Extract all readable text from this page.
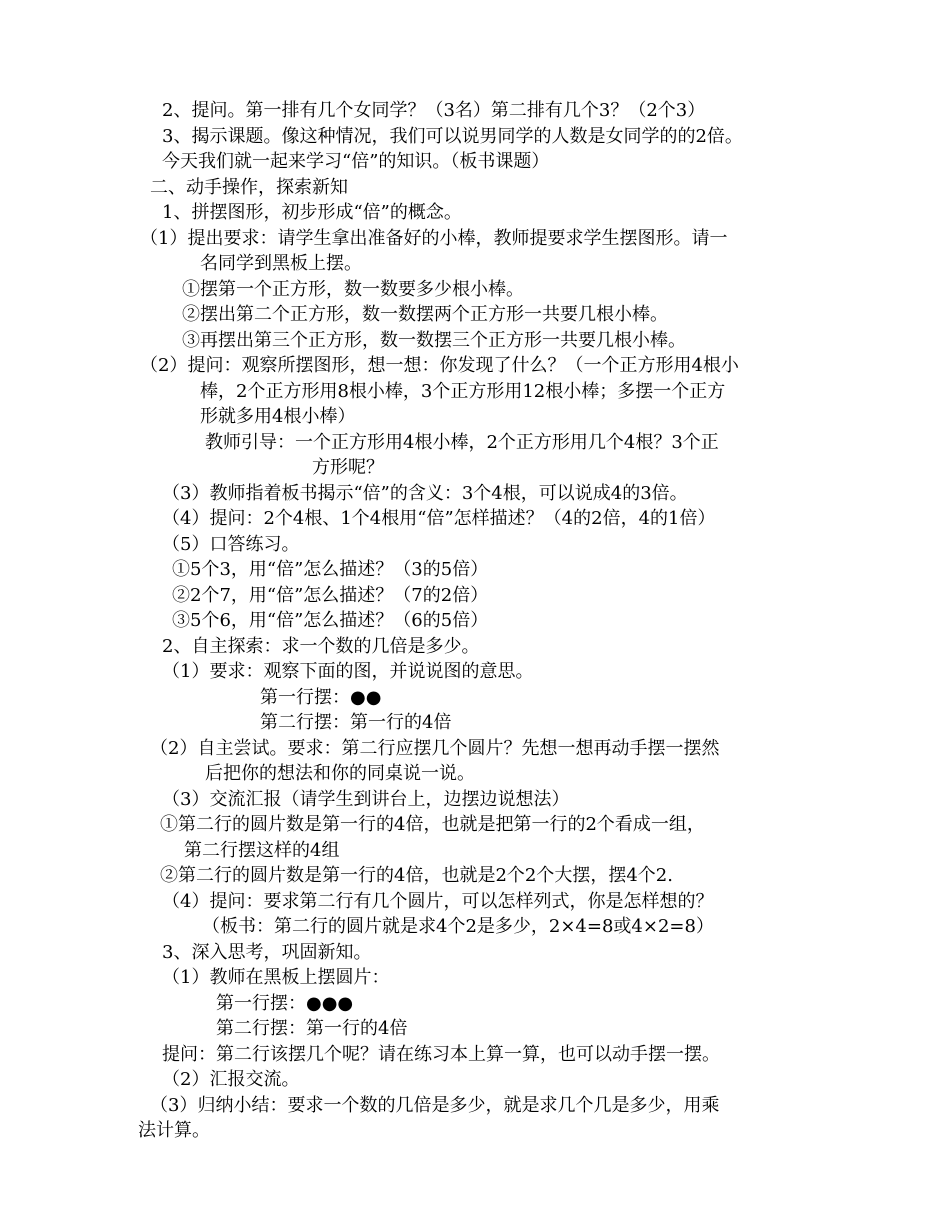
2、提问。第一排有几个女同学？（3名）第二排有几个3？（2个3）
3、揭示课题。像这种情况，我们可以说男同学的人数是女同学的的2倍。
今天我们就一起来学习“倍”的知识。（板书课题）
二、动手操作，探索新知
1、拼摆图形，初步形成“倍”的概念。
（1）提出要求：请学生拿出准备好的小棒，教师提要求学生摆图形。请一
名同学到黑板上摆。
①摆第一个正方形，数一数要多少根小棒。
②摆出第二个正方形，数一数摆两个正方形一共要几根小棒。
③再摆出第三个正方形，数一数摆三个正方形一共要几根小棒。
（2）提问：观察所摆图形，想一想：你发现了什么？（一个正方形用4根小
棒，2个正方形用8根小棒，3个正方形用12根小棒；多摆一个正方
形就多用4根小棒）
教师引导：一个正方形用4根小棒，2个正方形用几个4根？3个正
方形呢？
（3）教师指着板书揭示“倍”的含义：3个4根，可以说成4的3倍。
（4）提问：2个4根、1个4根用“倍”怎样描述？（4的2倍，4的1倍）
（5）口答练习。
①5个3，用“倍”怎么描述？（3的5倍）
②2个7，用“倍”怎么描述？（7的2倍）
③5个6，用“倍”怎么描述？（6的5倍）
2、自主探索：求一个数的几倍是多少。
（1）要求：观察下面的图，并说说图的意思。
第一行摆：●●
第二行摆：第一行的4倍
（2）自主尝试。要求：第二行应摆几个圆片？先想一想再动手摆一摆然
后把你的想法和你的同桌说一说。
（3）交流汇报（请学生到讲台上，边摆边说想法）
①第二行的圆片数是第一行的4倍，也就是把第一行的2个看成一组，
第二行摆这样的4组
②第二行的圆片数是第一行的4倍，也就是2个2个大摆，摆4个2.
（4）提问：要求第二行有几个圆片，可以怎样列式，你是怎样想的？
（板书：第二行的圆片就是求4个2是多少，2×4=8或4×2=8）
3、深入思考，巩固新知。
（1）教师在黑板上摆圆片：
第一行摆：●●●
第二行摆：第一行的4倍
提问：第二行该摆几个呢？请在练习本上算一算，也可以动手摆一摆。
（2）汇报交流。
（3）归纳小结：要求一个数的几倍是多少，就是求几个几是多少，用乘
法计算。
